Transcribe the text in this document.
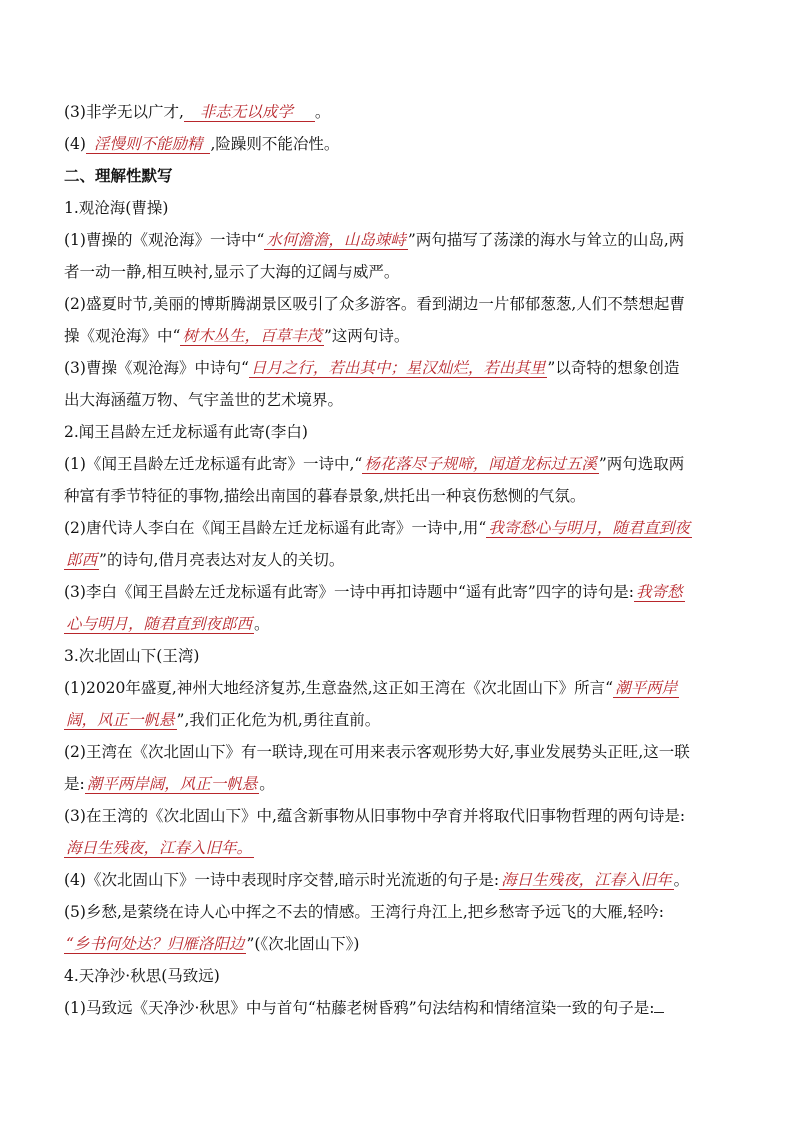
(3)非学无以广才, 非志无以成学 。
(4) 淫慢则不能励精 ,险躁则不能冶性。
二、理解性默写
1.观沧海(曹操)
(1)曹操的《观沧海》一诗中“ 水何澹澹，山岛竦峙 ”两句描写了荡漾的海水与耸立的山岛,两
者一动一静,相互映衬,显示了大海的辽阔与威严。
(2)盛夏时节,美丽的博斯腾湖景区吸引了众多游客。看到湖边一片郁郁葱葱,人们不禁想起曹
操《观沧海》中“ 树木丛生，百草丰茂 ”这两句诗。
(3)曹操《观沧海》中诗句“ 日月之行，若出其中；星汉灿烂，若出其里 ”以奇特的想象创造
出大海涵蕴万物、气宇盖世的艺术境界。
2.闻王昌龄左迁龙标遥有此寄(李白)
(1)《闻王昌龄左迁龙标遥有此寄》一诗中,“ 杨花落尽子规啼，闻道龙标过五溪 ”两句选取两
种富有季节特征的事物,描绘出南国的暮春景象,烘托出一种哀伤愁恻的气氛。
(2)唐代诗人李白在《闻王昌龄左迁龙标遥有此寄》一诗中,用“ 我寄愁心与明月，随君直到夜
郎西 ”的诗句,借月亮表达对友人的关切。
(3)李白《闻王昌龄左迁龙标遥有此寄》一诗中再扣诗题中“遥有此寄”四字的诗句是: 我寄愁
心与明月，随君直到夜郎西 。
3.次北固山下(王湾)
(1)2020年盛夏,神州大地经济复苏,生意盎然,这正如王湾在《次北固山下》所言“ 潮平两岸
阔，风正一帆悬 ”,我们正化危为机,勇往直前。
(2)王湾在《次北固山下》有一联诗,现在可用来表示客观形势大好,事业发展势头正旺,这一联
是: 潮平两岸阔，风正一帆悬 。
(3)在王湾的《次北固山下》中,蕴含新事物从旧事物中孕育并将取代旧事物哲理的两句诗是:
海日生残夜，江春入旧年。
(4)《次北固山下》一诗中表现时序交替,暗示时光流逝的句子是: 海日生残夜，江春入旧年 。
(5)乡愁,是萦绕在诗人心中挥之不去的情感。王湾行舟江上,把乡愁寄予远飞的大雁,轻吟:
“乡书何处达？归雁洛阳边 ”(《次北固山下》)
4.天净沙·秋思(马致远)
(1)马致远《天净沙·秋思》中与首句“枯藤老树昏鸦”句法结构和情绪渲染一致的句子是:
